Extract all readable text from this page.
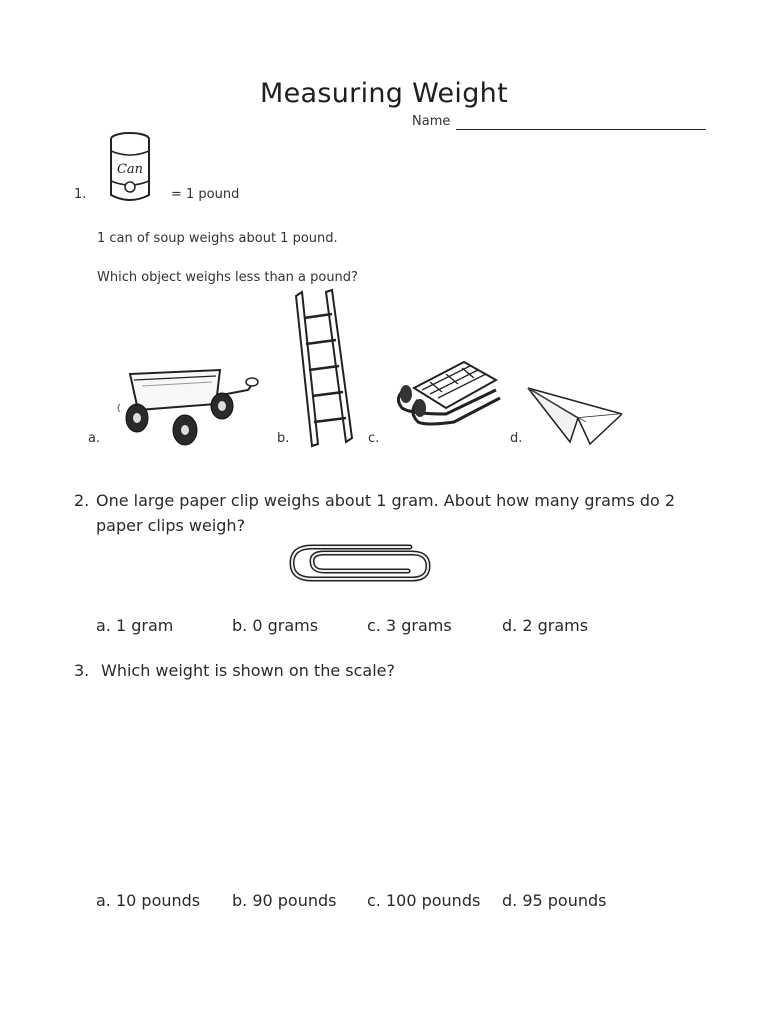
Measuring Weight
Name
1.
Can
= 1 pound
1 can of soup weighs about 1 pound.
Which object weighs less than a pound?
a.	b.	c.	d.
2. One large paper clip weighs about 1 gram. About how many grams do 2
paper clips weigh?
a. 1 gram	b. 0 grams	c. 3 grams	d. 2 grams
3. Which weight is shown on the scale?
a. 10 pounds b. 90 pounds c. 100 pounds d. 95 pounds
